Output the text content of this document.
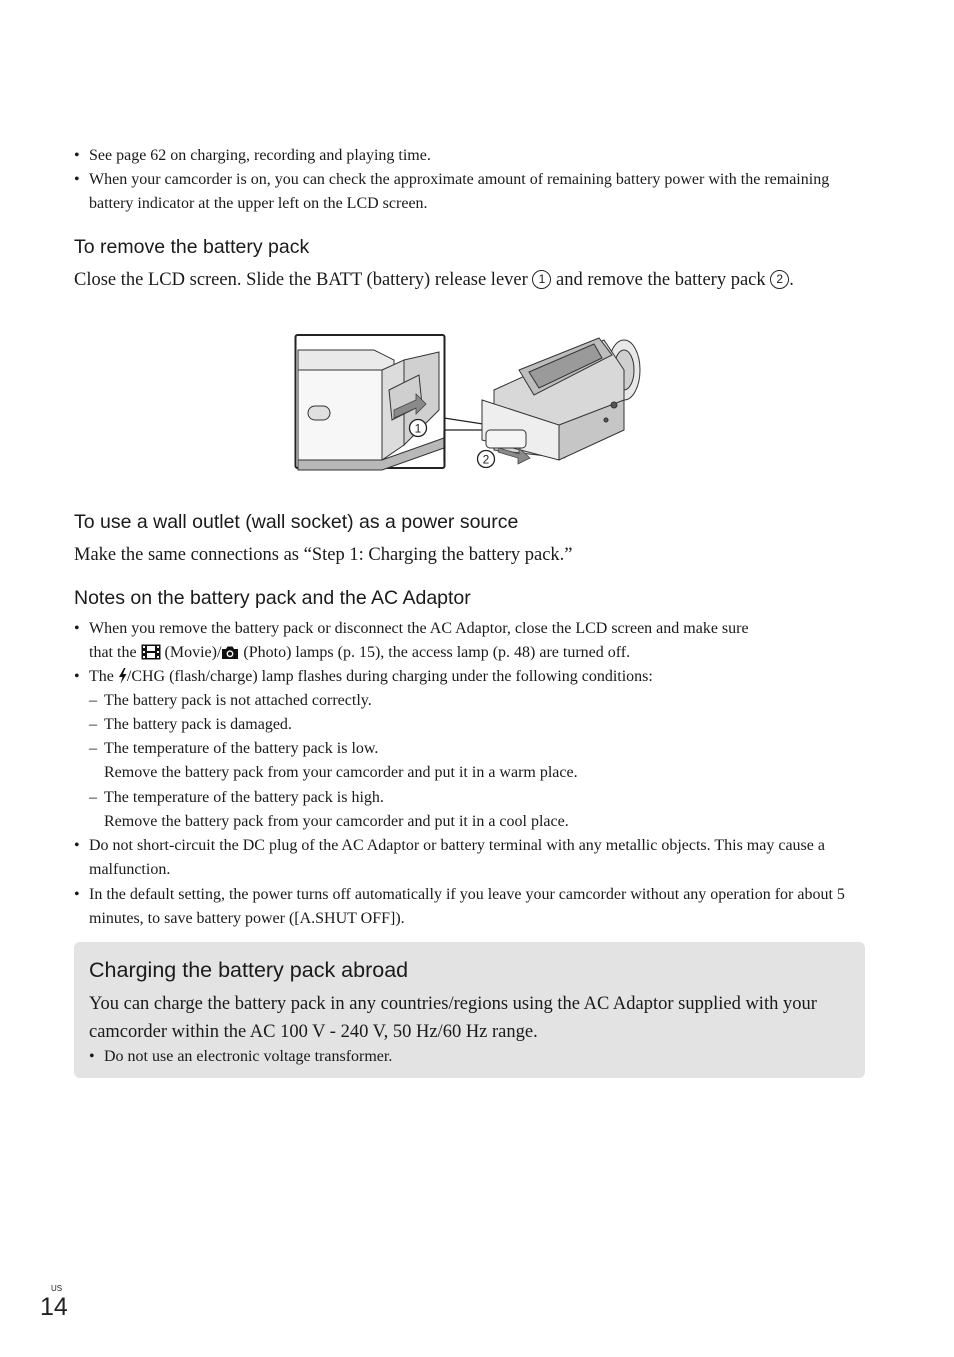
• See page 62 on charging, recording and playing time.
• When your camcorder is on, you can check the approximate amount of remaining battery power with the remaining battery indicator at the upper left on the LCD screen.
To remove the battery pack
Close the LCD screen. Slide the BATT (battery) release lever 1 and remove the battery pack 2 .
1
2
To use a wall outlet (wall socket) as a power source
Make the same connections as “Step 1: Charging the battery pack.”
Notes on the battery pack and the AC Adaptor
• When you remove the battery pack or disconnect the AC Adaptor, close the LCD screen and make sure
that the (Movie)/ (Photo) lamps (p. 15), the access lamp (p. 48) are turned off.
• The /CHG (flash/charge) lamp flashes during charging under the following conditions:
– The battery pack is not attached correctly.
– The battery pack is damaged.
– The temperature of the battery pack is low.
Remove the battery pack from your camcorder and put it in a warm place.
– The temperature of the battery pack is high.
Remove the battery pack from your camcorder and put it in a cool place.
• Do not short-circuit the DC plug of the AC Adaptor or battery terminal with any metallic objects. This may cause a malfunction.
• In the default setting, the power turns off automatically if you leave your camcorder without any operation for about 5 minutes, to save battery power ([A.SHUT OFF]).
Charging the battery pack abroad
You can charge the battery pack in any countries/regions using the AC Adaptor supplied with your camcorder within the AC 100 V - 240 V, 50 Hz/60 Hz range.
• Do not use an electronic voltage transformer.
US
14
